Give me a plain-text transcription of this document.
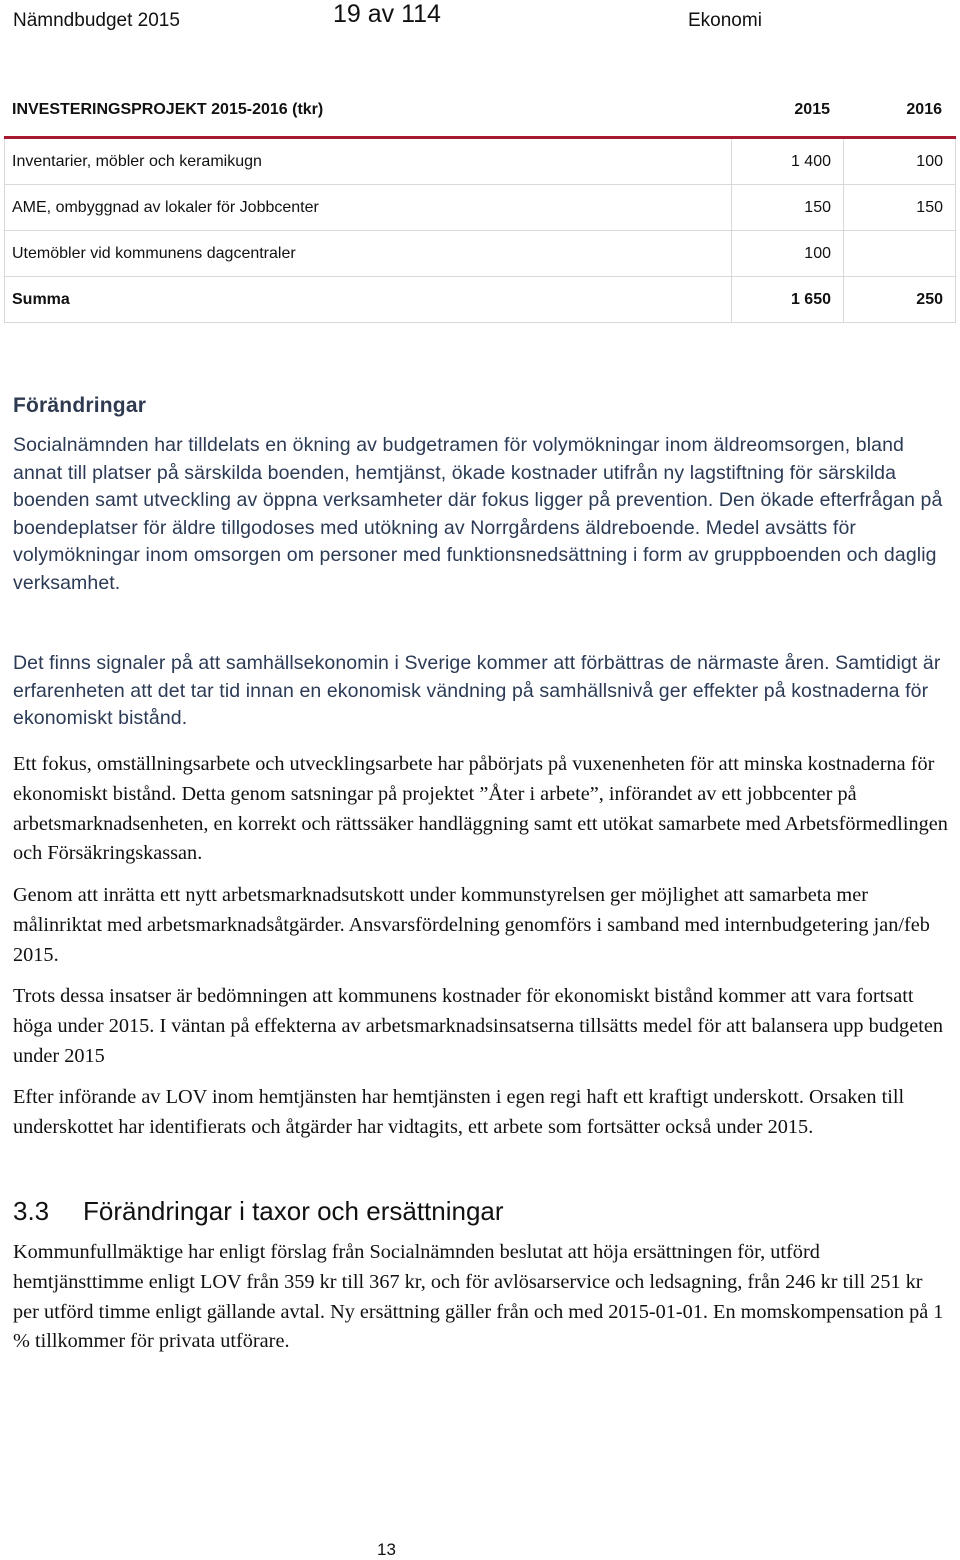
Nämndbudget 2015	19 av 114	Ekonomi
INVESTERINGSPROJEKT 2015-2016 (tkr)	2015	2016
Inventarier, möbler och keramikugn	1 400	100
AME, ombyggnad av lokaler för Jobbcenter	150	150
Utemöbler vid kommunens dagcentraler	100
Summa	1 650	250
Förändringar

Socialnämnden har tilldelats en ökning av budgetramen för volymökningar inom äldreomsorgen, bland annat till platser på särskilda boenden, hemtjänst, ökade kostnader utifrån ny lagstiftning för särskilda boenden samt utveckling av öppna verksamheter där fokus ligger på prevention. Den ökade efterfrågan på boendeplatser för äldre tillgodoses med utökning av Norrgårdens äldreboende. Medel avsätts för volymökningar inom omsorgen om personer med funktionsnedsättning i form av gruppboenden och daglig verksamhet.

Det finns signaler på att samhällsekonomin i Sverige kommer att förbättras de närmaste åren. Samtidigt är erfarenheten att det tar tid innan en ekonomisk vändning på samhällsnivå ger effekter på kostnaderna för ekonomiskt bistånd.

Ett fokus, omställningsarbete och utvecklingsarbete har påbörjats på vuxenenheten för att minska kostnaderna för ekonomiskt bistånd. Detta genom satsningar på projektet ”Åter i arbete”, införandet av ett jobbcenter på arbetsmarknadsenheten, en korrekt och rättssäker handläggning samt ett utökat samarbete med Arbetsförmedlingen och Försäkringskassan.

Genom att inrätta ett nytt arbetsmarknadsutskott under kommunstyrelsen ger möjlighet att samarbeta mer målinriktat med arbetsmarknadsåtgärder. Ansvarsfördelning genomförs i samband med internbudgetering jan/feb 2015.

Trots dessa insatser är bedömningen att kommunens kostnader för ekonomiskt bistånd kommer att vara fortsatt höga under 2015. I väntan på effekterna av arbetsmarknadsinsatserna tillsätts medel för att balansera upp budgeten under 2015

Efter införande av LOV inom hemtjänsten har hemtjänsten i egen regi haft ett kraftigt underskott. Orsaken till underskottet har identifierats och åtgärder har vidtagits, ett arbete som fortsätter också under 2015.

3.3 Förändringar i taxor och ersättningar

Kommunfullmäktige har enligt förslag från Socialnämnden beslutat att höja ersättningen för, utförd hemtjänsttimme enligt LOV från 359 kr till 367 kr, och för avlösarservice och ledsagning, från 246 kr till 251 kr per utförd timme enligt gällande avtal. Ny ersättning gäller från och med 2015-01-01. En momskompensation på 1 % tillkommer för privata utförare.

13
